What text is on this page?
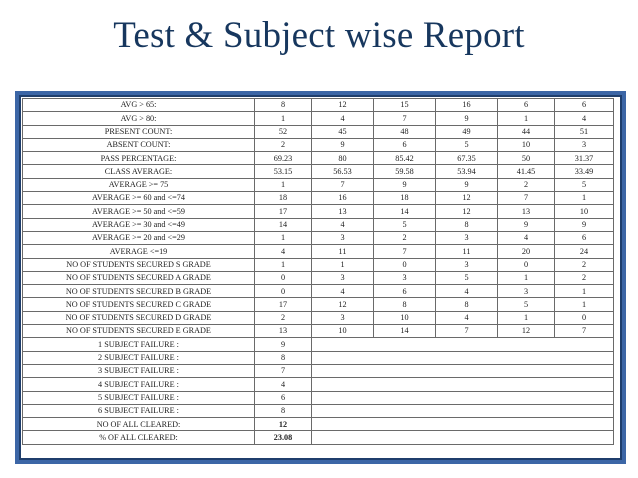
Test & Subject wise Report
AVG > 65:	8	12	15	16	6	6
AVG > 80:	1	4	7	9	1	4
PRESENT COUNT:	52	45	48	49	44	51
ABSENT COUNT:	2	9	6	5	10	3
PASS PERCENTAGE:	69.23	80	85.42	67.35	50	31.37
CLASS AVERAGE:	53.15	56.53	59.58	53.94	41.45	33.49
AVERAGE >= 75	1	7	9	9	2	5
AVERAGE >= 60 and <=74	18	16	18	12	7	1
AVERAGE >= 50 and <=59	17	13	14	12	13	10
AVERAGE >= 30 and <=49	14	4	5	8	9	9
AVERAGE >= 20 and <=29	1	3	2	3	4	6
AVERAGE <=19	4	11	7	11	20	24
NO OF STUDENTS SECURED S GRADE	1	1	0	3	0	2
NO OF STUDENTS SECURED A GRADE	0	3	3	5	1	2
NO OF STUDENTS SECURED B GRADE	0	4	6	4	3	1
NO OF STUDENTS SECURED C GRADE	17	12	8	8	5	1
NO OF STUDENTS SECURED D GRADE	2	3	10	4	1	0
NO OF STUDENTS SECURED E GRADE	13	10	14	7	12	7
1 SUBJECT FAILURE :	9					
2 SUBJECT FAILURE :	8					
3 SUBJECT FAILURE :	7					
4 SUBJECT FAILURE :	4					
5 SUBJECT FAILURE :	6					
6 SUBJECT FAILURE :	8					
NO OF ALL CLEARED:	12					
% OF ALL CLEARED:	23.08					
